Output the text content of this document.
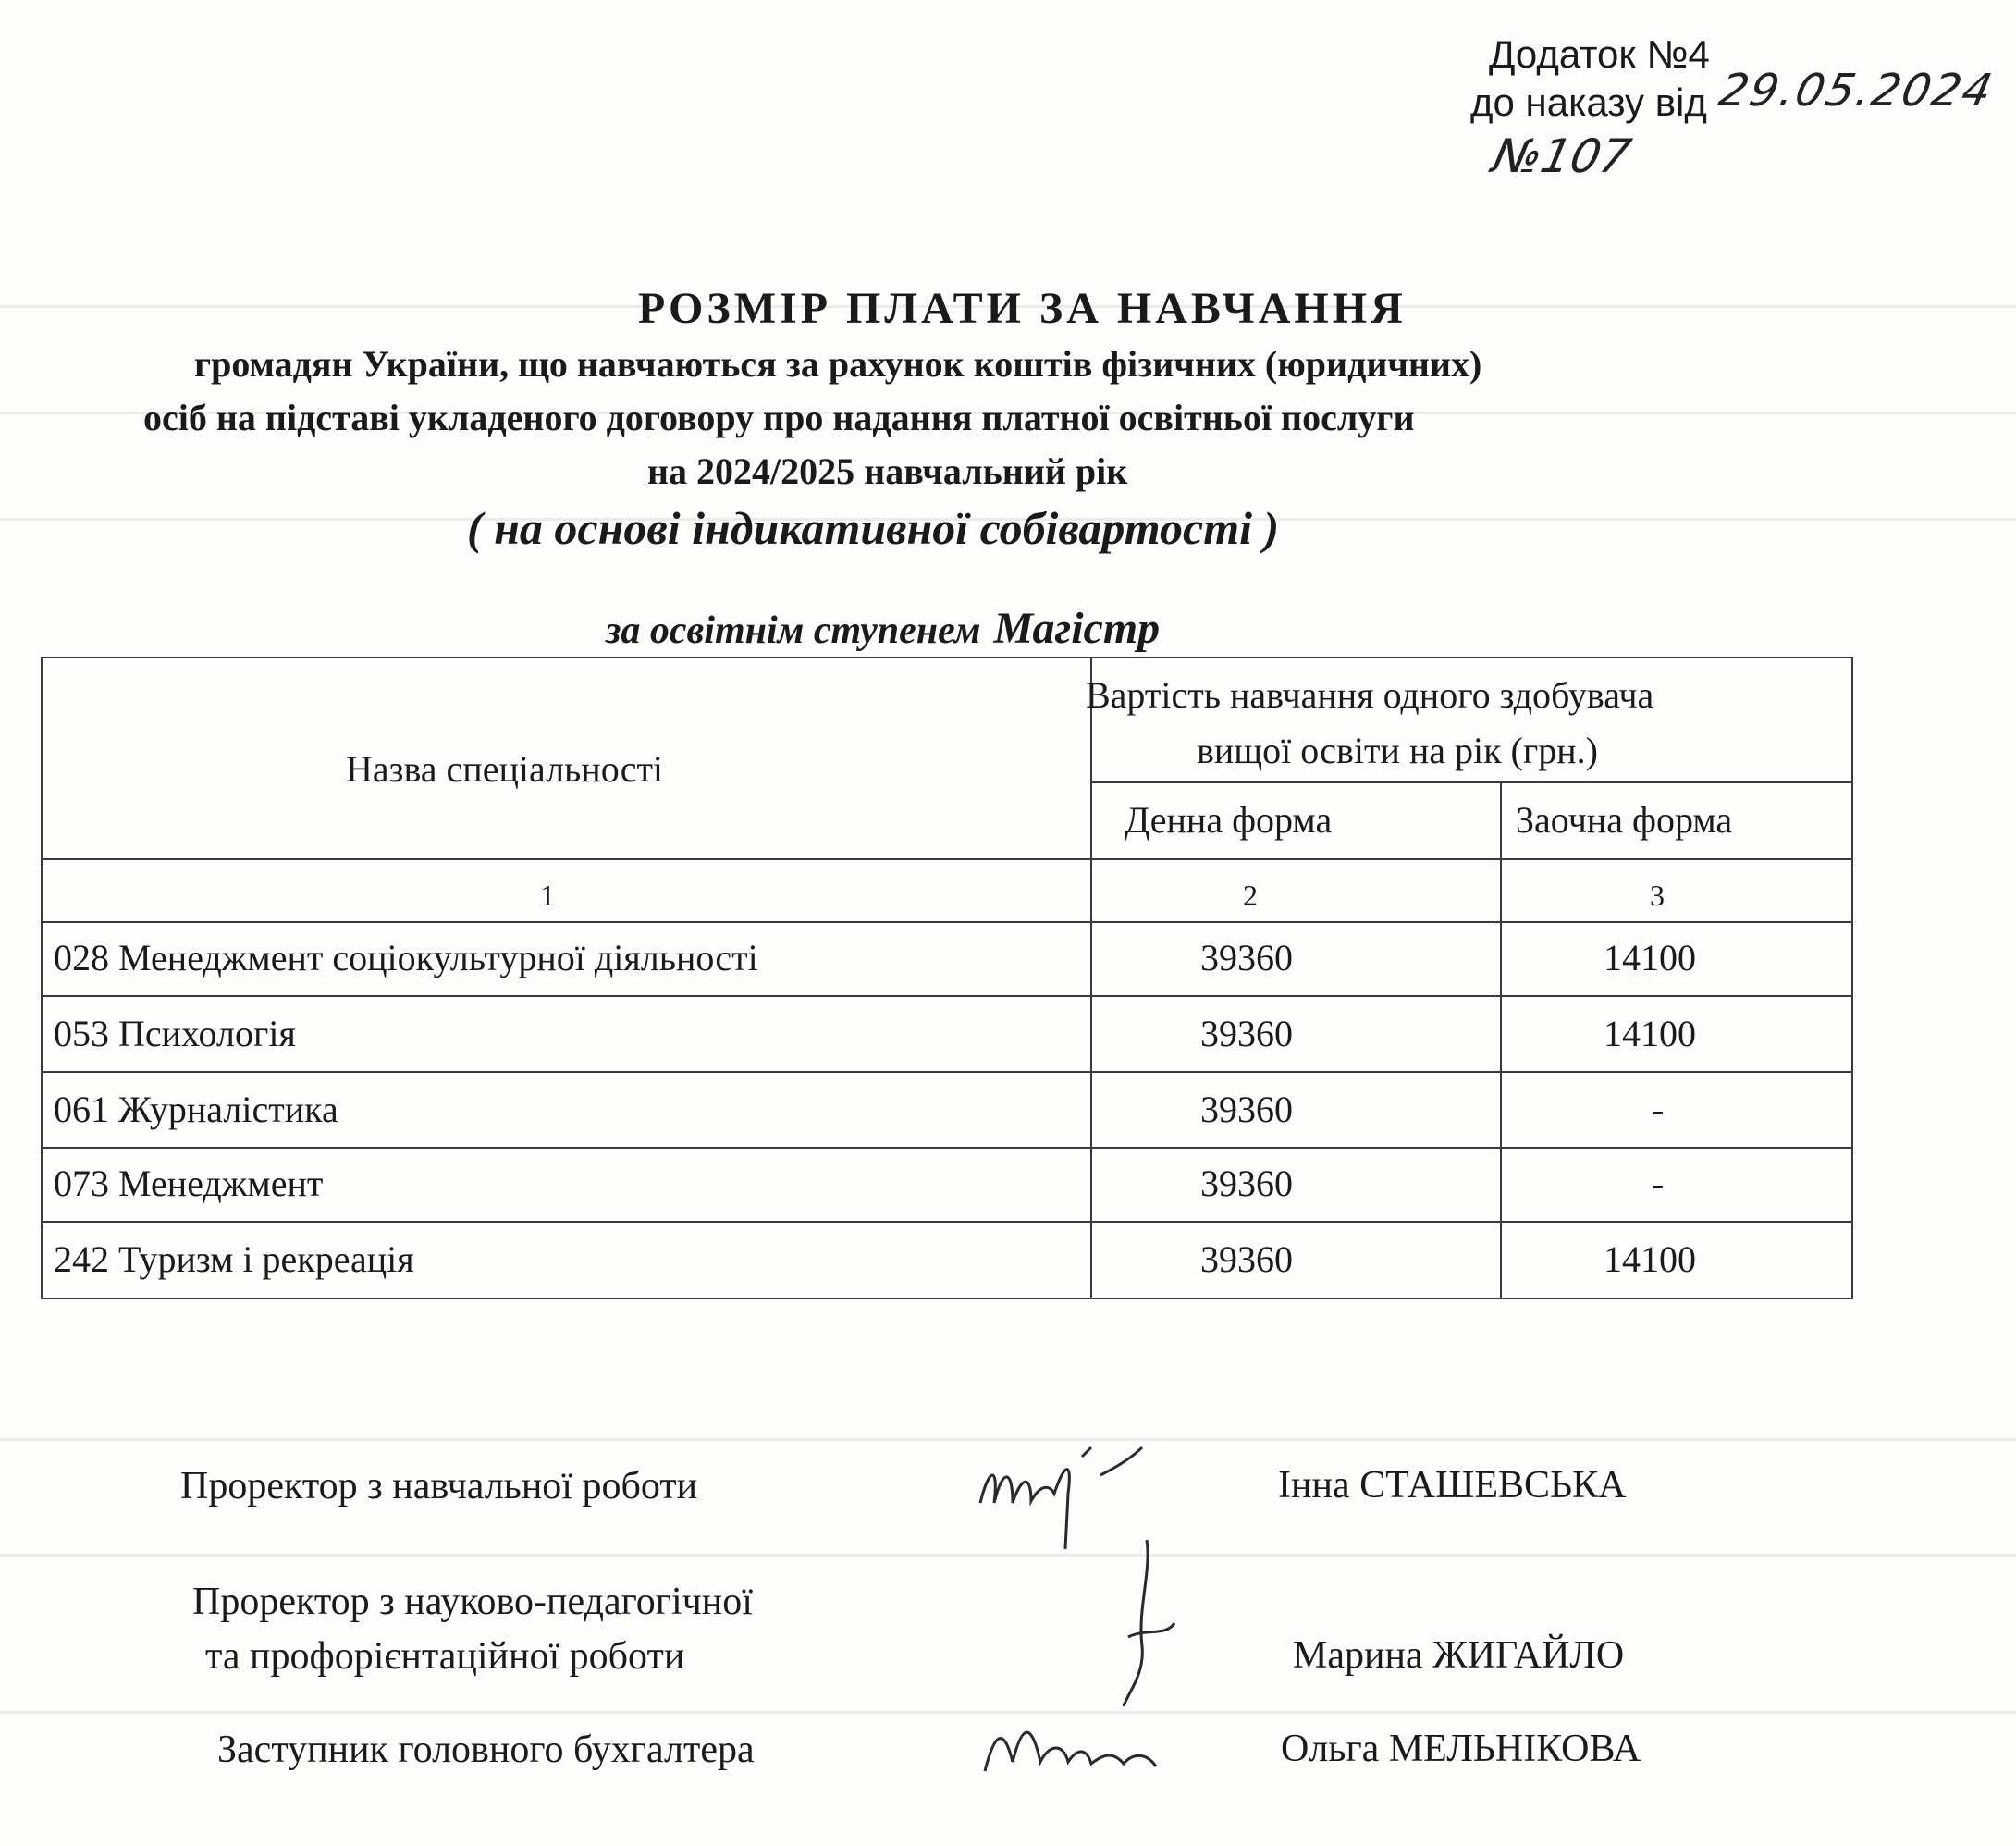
Додаток №4
до наказу від 29.05.2024
№107
РОЗМІР ПЛАТИ ЗА НАВЧАННЯ
громадян України, що навчаються за рахунок коштів фізичних (юридичних)
осіб на підставі укладеного договору про надання платної освітньої послуги
на 2024/2025 навчальний рік
( на основі індикативної собівартості )
за освітнім ступенем Магістр
Назва спеціальності
Вартість навчання одного здобувача
вищої освіти на рік (грн.)
Денна форма	Заочна форма
1	2	3
028 Менеджмент соціокультурної діяльності	39360	14100
053 Психологія	39360	14100
061 Журналістика	39360	-
073 Менеджмент	39360	-
242 Туризм і рекреація	39360	14100
Проректор з навчальної роботи	Інна СТАШЕВСЬКА
Проректор з науково-педагогічної
та профорієнтаційної роботи	Марина ЖИГАЙЛО
Заступник головного бухгалтера	Ольга МЕЛЬНІКОВА
